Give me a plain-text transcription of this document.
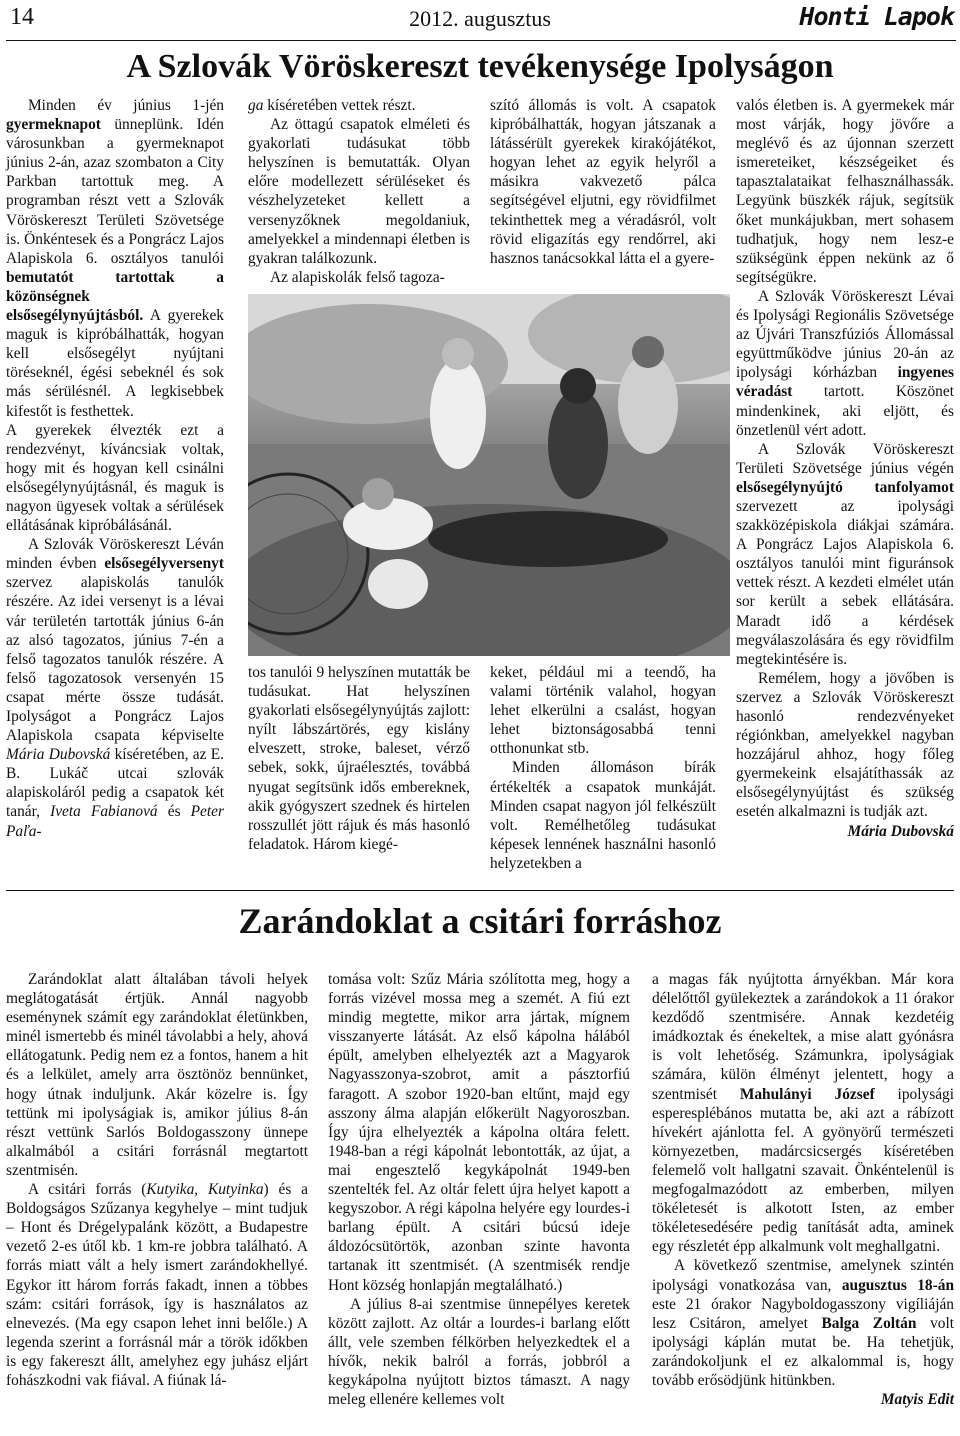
14	2012. augusztus	Honti Lapok
A Szlovák Vöröskereszt tevékenysége Ipolyságon

Minden év június 1-jén gyermeknapot ünneplünk. Idén városunkban a gyermeknapot június 2-án, azaz szombaton a City Parkban tartottuk meg. A programban részt vett a Szlovák Vöröskereszt Területi Szövetsége is. Önkéntesek és a Pongrácz Lajos Alapiskola 6. osztályos tanulói bemutatót tartottak a közönségnek elsősegélynyújtásból. A gyerekek maguk is kipróbálhatták, hogyan kell elsősegélyt nyújtani töréseknél, égési sebeknél és sok más sérülésnél. A legkisebbek kifestőt is festhettek.

A gyerekek élvezték ezt a rendezvényt, kíváncsiak voltak, hogy mit és hogyan kell csinálni elsősegélynyújtásnál, és maguk is nagyon ügyesek voltak a sérülések ellátásának kipróbálásánál.

A Szlovák Vöröskereszt Léván minden évben elsősegélyversenyt szervez alapiskolás tanulók részére. Az idei versenyt is a lévai vár területén tartották június 6-án az alsó tagozatos, június 7-én a felső tagozatos tanulók részére. A felső tagozatosok versenyén 15 csapat mérte össze tudását. Ipolyságot a Pongrácz Lajos Alapiskola csapata képviselte Mária Dubovská kíséretében, az E. B. Lukáč utcai szlovák alapiskoláról pedig a csapatok két tanár, Iveta Fabianová és Peter Paľa-

ga kíséretében vettek részt.

Az öttagú csapatok elméleti és gyakorlati tudásukat több helyszínen is bemutatták. Olyan előre modellezett sérüléseket és vészhelyzeteket kellett a versenyzőknek megoldaniuk, amelyekkel a mindennapi életben is gyakran találkozunk.

Az alapiskolák felső tagoza-

szító állomás is volt. A csapatok kipróbálhatták, hogyan játszanak a látássérült gyerekek kirakójátékot, hogyan lehet az egyik helyről a másikra vakvezető pálca segítségével eljutni, egy rövidfilmet tekinthettek meg a véradásról, volt rövid eligazítás egy rendőrrel, aki hasznos tanácsokkal látta el a gyere-

tos tanulói 9 helyszínen mutatták be tudásukat. Hat helyszínen gyakorlati elsősegélynyújtás zajlott: nyílt lábszártörés, egy kislány elveszett, stroke, baleset, vérző sebek, sokk, újraélesztés, továbbá nyugat segítsünk idős embereknek, akik gyógyszert szednek és hirtelen rosszullét jött rájuk és más hasonló feladatok. Három kiegé-

keket, például mi a teendő, ha valami történik valahol, hogyan lehet elkerülni a csalást, hogyan lehet biztonságosabbá tenni otthonunkat stb.

Minden állomáson bírák értékelték a csapatok munkáját. Minden csapat nagyon jól felkészült volt. Remélhetőleg tudásukat képesek lennének hasznáIni hasonló helyzetekben a

valós életben is. A gyermekek már most várják, hogy jövőre a meglévő és az újonnan szerzett ismereteiket, készségeiket és tapasztalataikat felhasználhassák. Legyünk büszkék rájuk, segítsük őket munkájukban, mert sohasem tudhatjuk, hogy nem lesz-e szükségünk éppen nekünk az ő segítségükre.

A Szlovák Vöröskereszt Lévai és Ipolysági Regionális Szövetsége az Újvári Transzfúziós Állomással együttműködve június 20-án az ipolysági kórházban ingyenes véradást tartott. Köszönet mindenkinek, aki eljött, és önzetlenül vért adott.

A Szlovák Vöröskereszt Területi Szövetsége június végén elsősegélynyújtó tanfolyamot szervezett az ipolysági szakközépiskola diákjai számára. A Pongrácz Lajos Alapiskola 6. osztályos tanulói mint figuránsok vettek részt. A kezdeti elmélet után sor került a sebek ellátására. Maradt idő a kérdések megválaszolására és egy rövidfilm megtekintésére is.

Remélem, hogy a jövőben is szervez a Szlovák Vöröskereszt hasonló rendezvényeket régiónkban, amelyekkel nagyban hozzájárul ahhoz, hogy főleg gyermekeink elsajátíthassák az elsősegélynyújtást és szükség esetén alkalmazni is tudják azt.

Mária Dubovská

Zarándoklat a csitári forráshoz

Zarándoklat alatt általában távoli helyek meglátogatását értjük. Annál nagyobb eseménynek számít egy zarándoklat életünkben, minél ismertebb és minél távolabbi a hely, ahová ellátogatunk. Pedig nem ez a fontos, hanem a hit és a lelkület, amely arra ösztönöz bennünket, hogy útnak induljunk. Akár közelre is. Így tettünk mi ipolyságiak is, amikor július 8-án részt vettünk Sarlós Boldogasszony ünnepe alkalmából a csitári forrásnál megtartott szentmisén.

A csitári forrás (Kutyika, Kutyinka) és a Boldogságos Szűzanya kegyhelye – mint tudjuk – Hont és Drégelypalánk között, a Budapestre vezető 2-es útől kb. 1 km-re jobbra található. A forrás miatt vált a hely ismert zarándokhellyé. Egykor itt három forrás fakadt, innen a többes szám: csitári források, így is használatos az elnevezés. (Ma egy csapon lehet inni belőle.) A legenda szerint a forrásnál már a török időkben is egy fakereszt állt, amelyhez egy juhász eljárt fohászkodni vak fiával. A fiúnak lá-

tomása volt: Szűz Mária szólította meg, hogy a forrás vizével mossa meg a szemét. A fiú ezt mindig megtette, mikor arra jártak, mígnem visszanyerte látását. Az első kápolna hálából épült, amelyben elhelyezték azt a Magyarok Nagyasszonya-szobrot, amit a pásztorfiú faragott. A szobor 1920-ban eltűnt, majd egy asszony álma alapján előkerült Nagyoroszban. Így újra elhelyezték a kápolna oltára felett. 1948-ban a régi kápolnát lebontották, az újat, a mai engesztelő kegykápolnát 1949-ben szentelték fel. Az oltár felett újra helyet kapott a kegyszobor. A régi kápolna helyére egy lourdes-i barlang épült. A csitári búcsú ideje áldozócsütörtök, azonban szinte havonta tartanak itt szentmisét. (A szentmisék rendje Hont község honlapján megtalálható.)

A július 8-ai szentmise ünnepélyes keretek között zajlott. Az oltár a lourdes-i barlang előtt állt, vele szemben félkörben helyezkedtek el a hívők, nekik balról a forrás, jobbról a kegykápolna nyújtott biztos támaszt. A nagy meleg ellenére kellemes volt

a magas fák nyújtotta árnyékban. Már kora délelőttől gyülekeztek a zarándokok a 11 órakor kezdődő szentmisére. Annak kezdetéig imádkoztak és énekeltek, a mise alatt gyónásra is volt lehetőség. Számunkra, ipolyságiak számára, külön élményt jelentett, hogy a szentmisét Mahulányi József ipolysági esperesplébános mutatta be, aki azt a rábízott hívekért ajánlotta fel. A gyönyörű természeti környezetben, madárcsicsergés kíséretében felemelő volt hallgatni szavait. Önkéntelenül is megfogalmazódott az emberben, milyen tökéletesét is alkotott Isten, az ember tökéletesedésére pedig tanítását adta, aminek egy részletét épp alkalmunk volt meghallgatni.

A következő szentmise, amelynek szintén ipolysági vonatkozása van, augusztus 18-án este 21 órakor Nagyboldogasszony vigíliáján lesz Csitáron, amelyet Balga Zoltán volt ipolysági káplán mutat be. Ha tehetjük, zarándokoljunk el ez alkalommal is, hogy tovább erősödjünk hitünkben.

Matyis Edit
